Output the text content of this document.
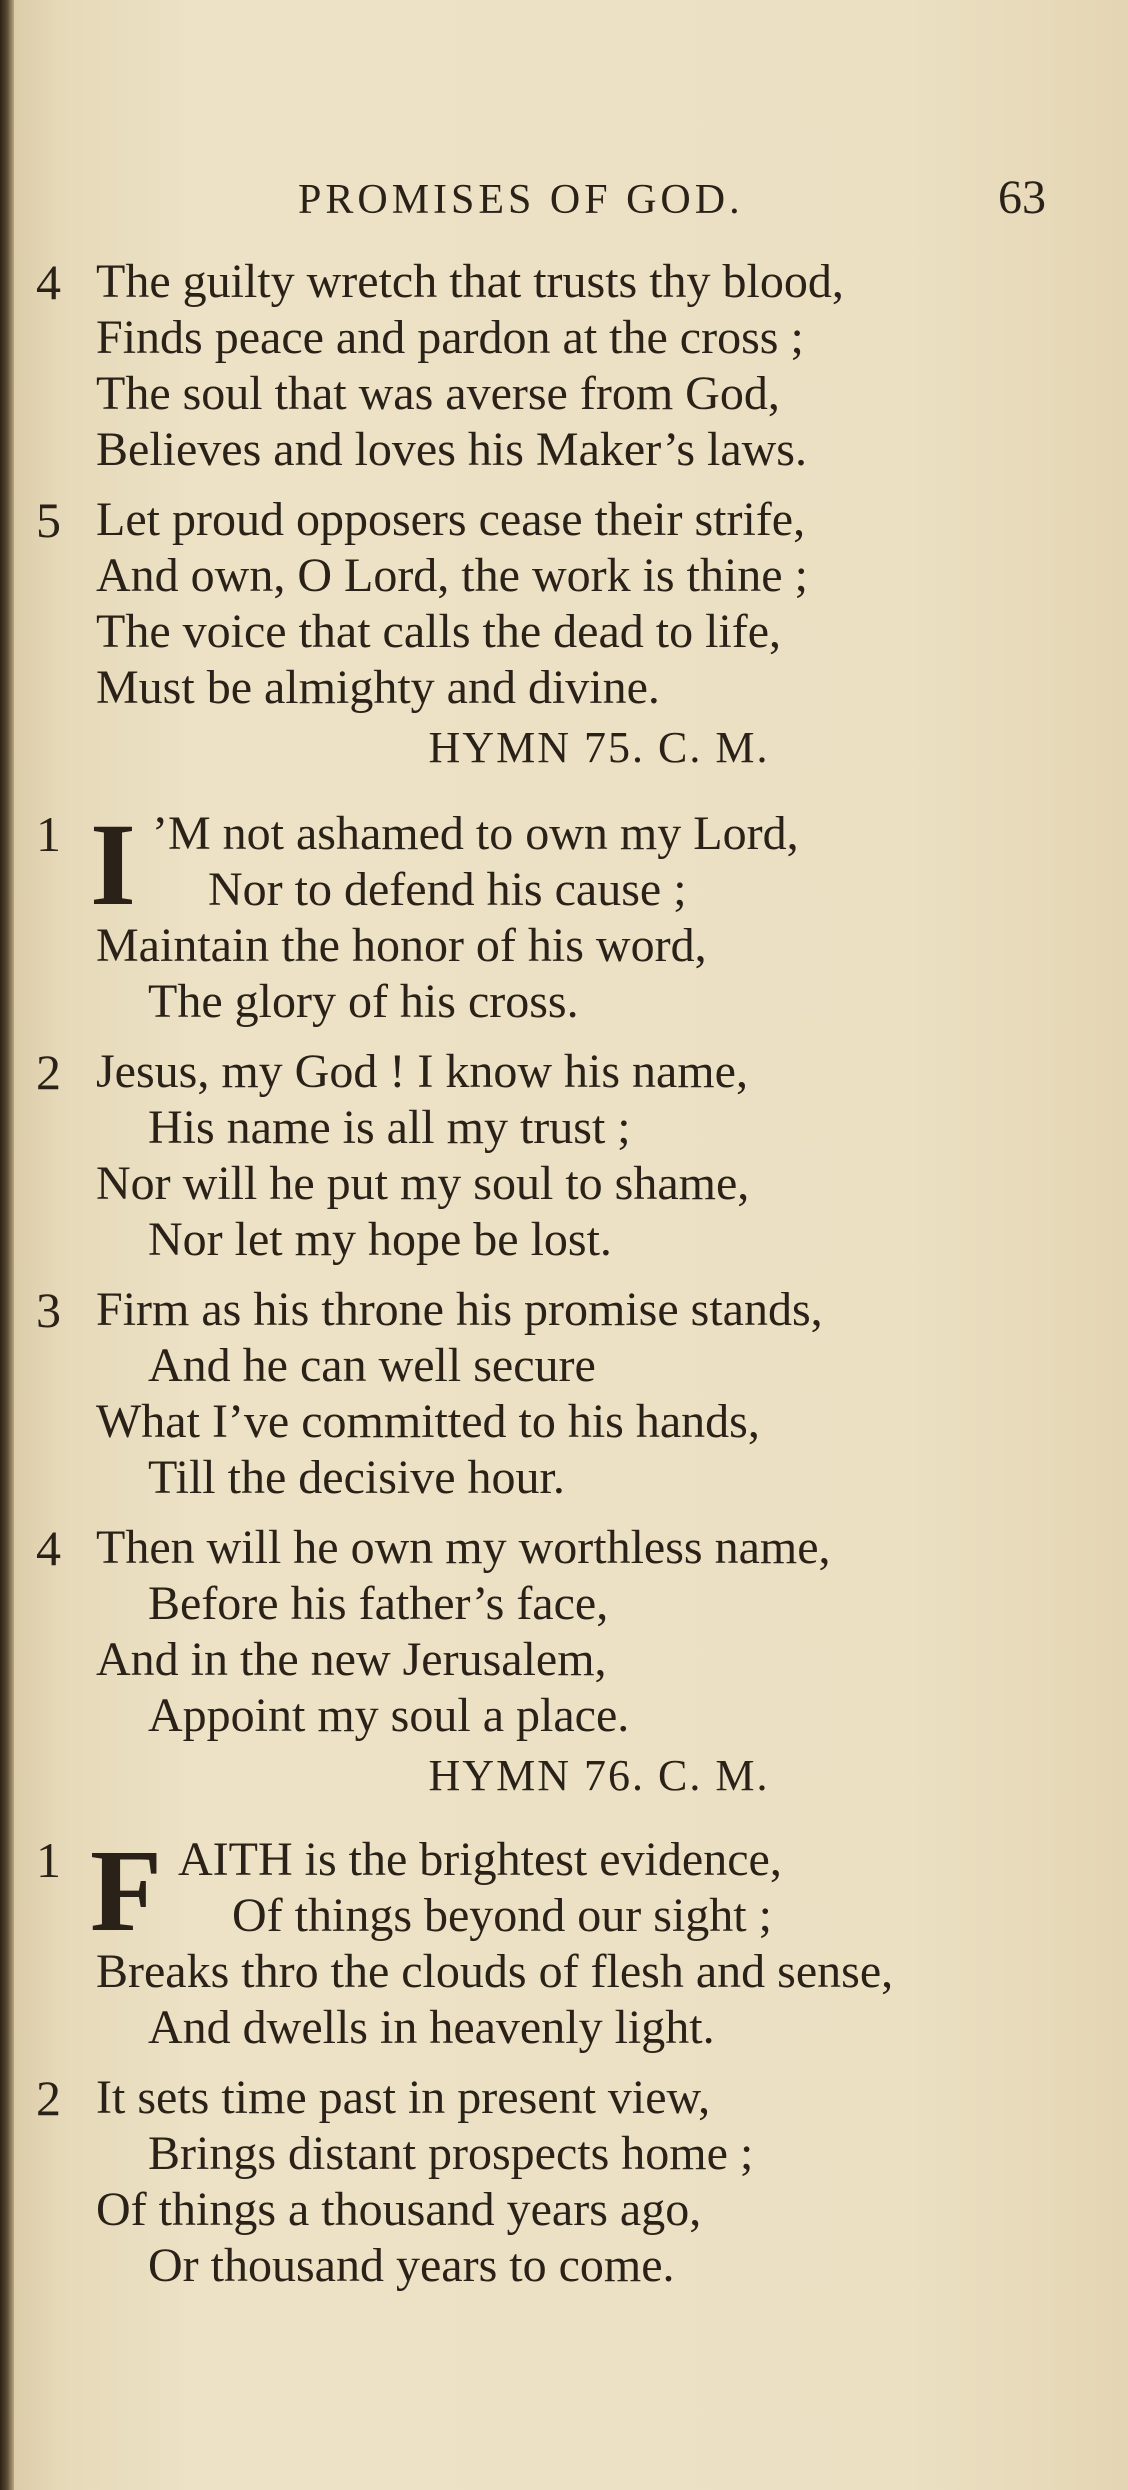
PROMISES OF GOD.	63
4 The guilty wretch that trusts thy blood,
Finds peace and pardon at the cross ;
The soul that was averse from God,
Believes and loves his Maker’s laws.
5 Let proud opposers cease their strife,
And own, O Lord, the work is thine ;
The voice that calls the dead to life,
Must be almighty and divine.
HYMN 75. C. M.
1 I ’M not ashamed to own my Lord,
Nor to defend his cause ;
Maintain the honor of his word,
The glory of his cross.
2 Jesus, my God ! I know his name,
His name is all my trust ;
Nor will he put my soul to shame,
Nor let my hope be lost.
3 Firm as his throne his promise stands,
And he can well secure
What I’ve committed to his hands,
Till the decisive hour.
4 Then will he own my worthless name,
Before his father’s face,
And in the new Jerusalem,
Appoint my soul a place.
HYMN 76. C. M.
1 F AITH is the brightest evidence,
Of things beyond our sight ;
Breaks thro the clouds of flesh and sense,
And dwells in heavenly light.
2 It sets time past in present view,
Brings distant prospects home ;
Of things a thousand years ago,
Or thousand years to come.
